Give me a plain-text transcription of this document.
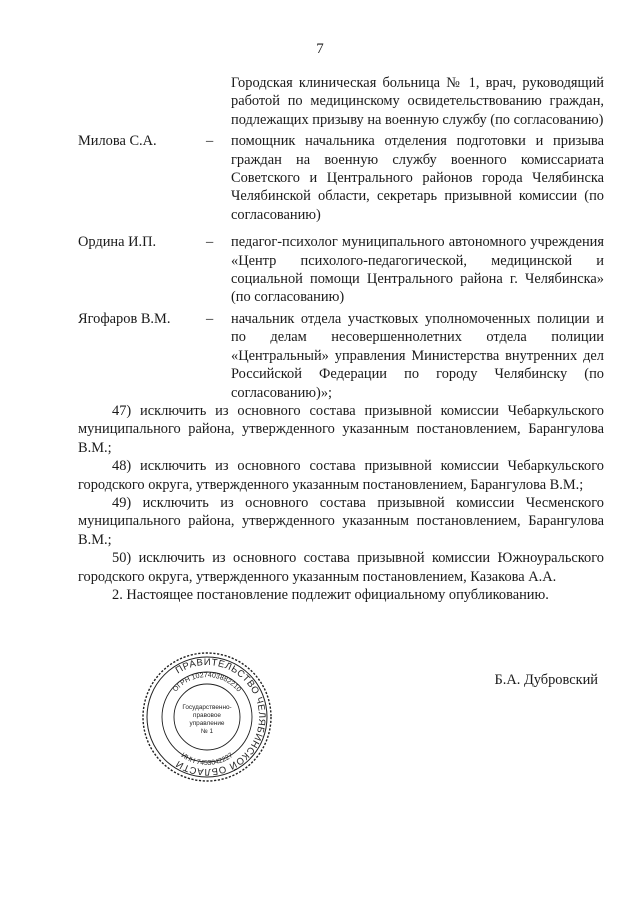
7
Городская клиническая больница № 1, врач, руководящий работой по медицинскому освидетельствованию граждан, подлежащих призыву на военную службу (по согласованию)
Милова С.А.	–	помощник начальника отделения подготовки и призыва граждан на военную службу военного комиссариата Советского и Центрального районов города Челябинска Челябинской области, секретарь призывной комиссии (по согласованию)
Ордина И.П.	–	педагог-психолог муниципального автономного учреждения «Центр психолого-педагогической, медицинской и социальной помощи Центрального района г. Челябинска» (по согласованию)
Ягофаров В.М.	–	начальник отдела участковых уполномоченных полиции и по делам несовершеннолетних отдела полиции «Центральный» управления Министерства внутренних дел Российской Федерации по городу Челябинску (по согласованию)»;

47) исключить из основного состава призывной комиссии Чебаркульского муниципального района, утвержденного указанным постановлением, Барангулова В.М.;

48) исключить из основного состава призывной комиссии Чебаркульского городского округа, утвержденного указанным постановлением, Барангулова В.М.;

49) исключить из основного состава призывной комиссии Чесменского муниципального района, утвержденного указанным постановлением, Барангулова В.М.;

50) исключить из основного состава призывной комиссии Южноуральского городского округа, утвержденного указанным постановлением, Казакова А.А.

2. Настоящее постановление подлежит официальному опубликованию.

ПРАВИТЕЛЬСТВО ЧЕЛЯБИНСКОЙ ОБЛАСТИ
ОГРН 1027403882210
ИНН 7453042227
Государственно-
правовое
управление
№ 1
Б.А. Дубровский
